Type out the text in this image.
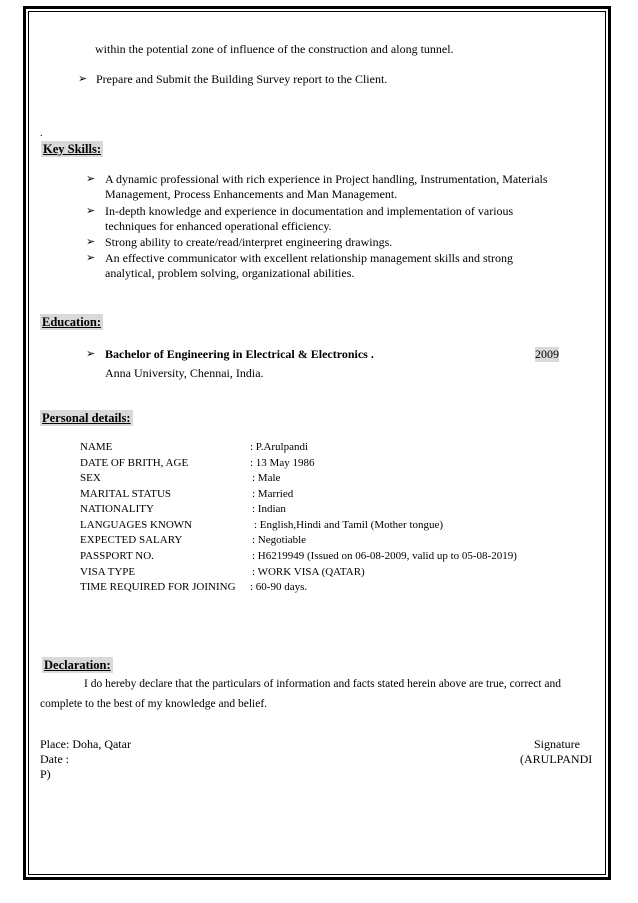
within the potential zone of influence of the construction and along tunnel.
➢ Prepare and Submit the Building Survey report to the Client.
.
Key Skills:
➢ A dynamic professional with rich experience in Project handling, Instrumentation, Materials
Management, Process Enhancements and Man Management.
➢ In-depth knowledge and experience in documentation and implementation of various
techniques for enhanced operational efficiency.
➢ Strong ability to create/read/interpret engineering drawings.
➢ An effective communicator with excellent relationship management skills and strong
analytical, problem solving, organizational abilities.
Education:
➢ Bachelor of Engineering in Electrical & Electronics .	2009
Anna University, Chennai, India.
Personal details:
NAME	: P.Arulpandi
DATE OF BRITH, AGE	: 13 May 1986
SEX	: Male
MARITAL STATUS	: Married
NATIONALITY	: Indian
LANGUAGES KNOWN	: English,Hindi and Tamil (Mother tongue)
EXPECTED SALARY	: Negotiable
PASSPORT NO.	: H6219949 (Issued on 06-08-2009, valid up to 05-08-2019)
VISA TYPE	: WORK VISA (QATAR)
TIME REQUIRED FOR JOINING : 60-90 days.
Declaration:
I do hereby declare that the particulars of information and facts stated herein above are true, correct and
complete to the best of my knowledge and belief.
Place: Doha, Qatar	Signature
Date :	(ARULPANDI
P)
